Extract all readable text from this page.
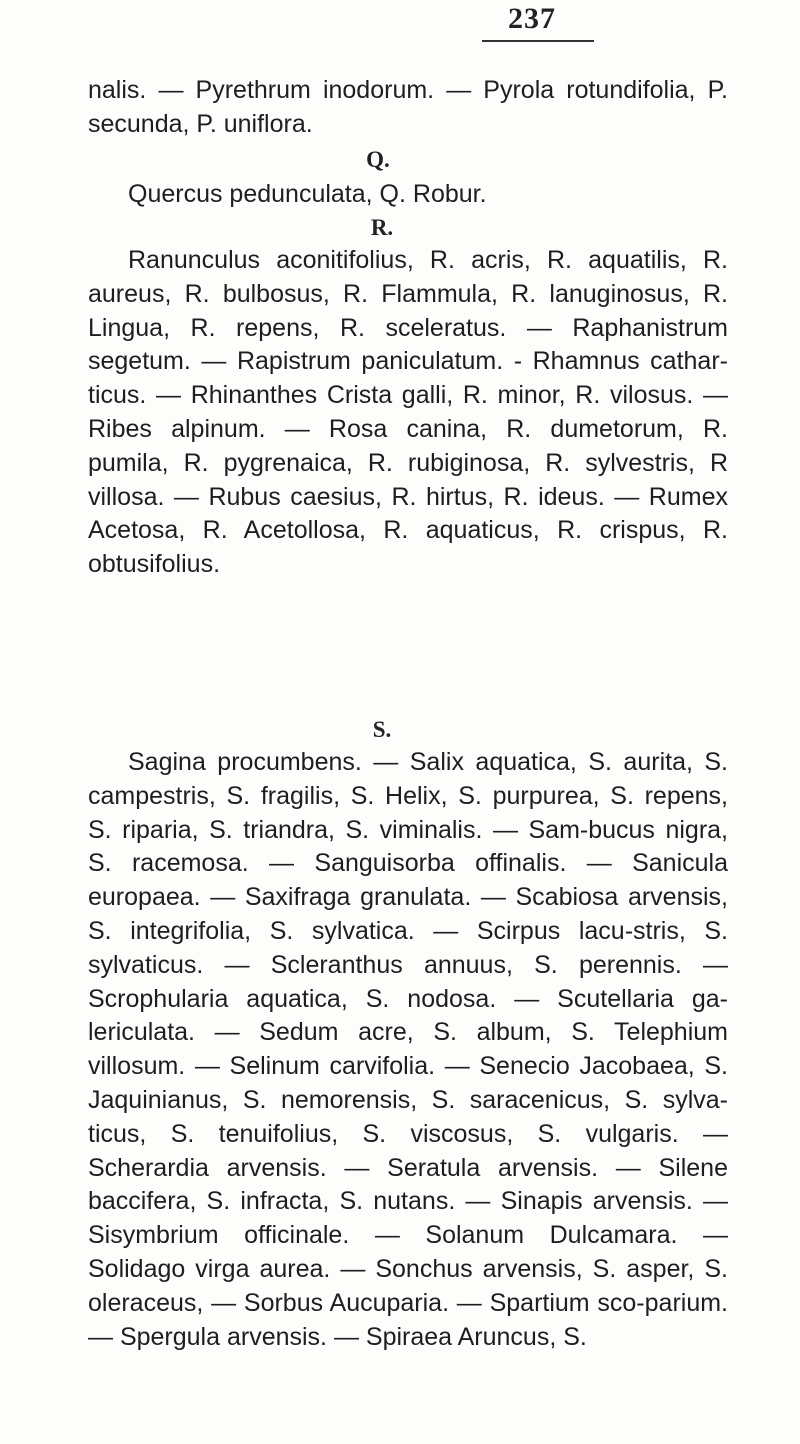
237

nalis. — Pyrethrum inodorum. — Pyrola rotundifolia, P. secunda, P. uniflora.

Q.

Quercus pedunculata, Q. Robur.

R.

Ranunculus aconitifolius, R. acris, R. aquatilis, R. aureus, R. bulbosus, R. Flammula, R. lanuginosus, R. Lingua, R. repens, R. sceleratus. — Raphanistrum segetum. — Rapistrum paniculatum. - Rhamnus cathar-ticus. — Rhinanthes Crista galli, R. minor, R. vilosus. — Ribes alpinum. — Rosa canina, R. dumetorum, R. pumila, R. pygrenaica, R. rubiginosa, R. sylvestris, R villosa. — Rubus caesius, R. hirtus, R. ideus. — Rumex Acetosa, R. Acetollosa, R. aquaticus, R. crispus, R. obtusifolius.

S.

Sagina procumbens. — Salix aquatica, S. aurita, S. campestris, S. fragilis, S. Helix, S. purpurea, S. repens, S. riparia, S. triandra, S. viminalis. — Sam-bucus nigra, S. racemosa. — Sanguisorba offinalis. — Sanicula europaea. — Saxifraga granulata. — Scabiosa arvensis, S. integrifolia, S. sylvatica. — Scirpus lacu-stris, S. sylvaticus. — Scleranthus annuus, S. perennis. — Scrophularia aquatica, S. nodosa. — Scutellaria ga-lericulata. — Sedum acre, S. album, S. Telephium villosum. — Selinum carvifolia. — Senecio Jacobaea, S. Jaquinianus, S. nemorensis, S. saracenicus, S. sylva-ticus, S. tenuifolius, S. viscosus, S. vulgaris. — Scherardia arvensis. — Seratula arvensis. — Silene baccifera, S. infracta, S. nutans. — Sinapis arvensis. — Sisymbrium officinale. — Solanum Dulcamara. — Solidago virga aurea. — Sonchus arvensis, S. asper, S. oleraceus, — Sorbus Aucuparia. — Spartium sco-parium. — Spergula arvensis. — Spiraea Aruncus, S.
